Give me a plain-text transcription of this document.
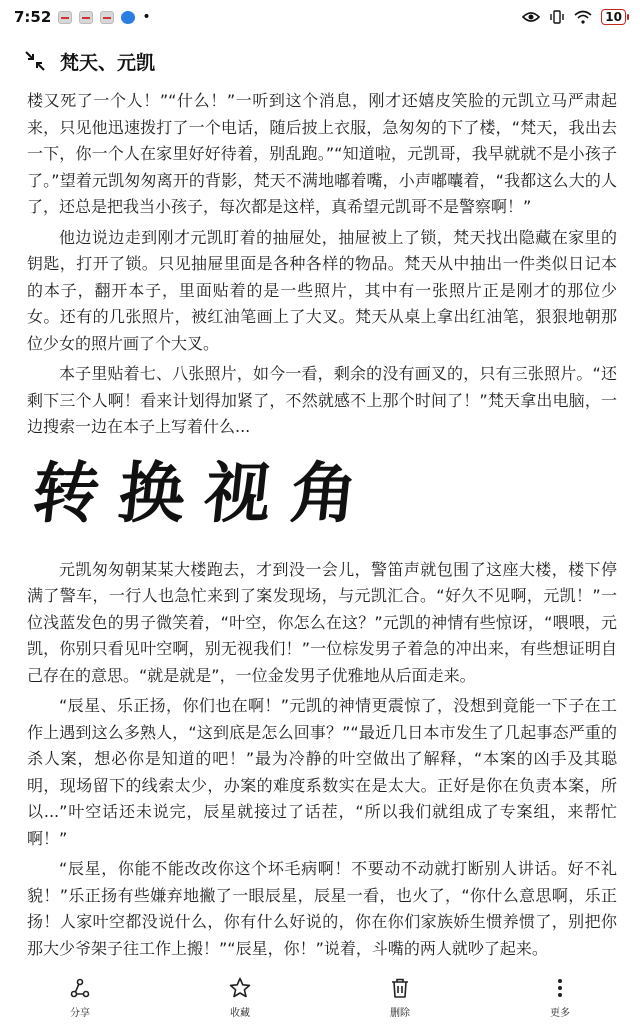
7:52	•	10
梵天、元凯

楼又死了一个人！”“什么！”一听到这个消息，刚才还嬉皮笑脸的元凯立马严肃起来，只见他迅速拨打了一个电话，随后披上衣服，急匆匆的下了楼，“梵天，我出去一下，你一个人在家里好好待着，别乱跑。”“知道啦，元凯哥，我早就就不是小孩子了。”望着元凯匆匆离开的背影，梵天不满地嘟着嘴，小声嘟囔着，“我都这么大的人了，还总是把我当小孩子，每次都是这样，真希望元凯哥不是警察啊！”

他边说边走到刚才元凯盯着的抽屉处，抽屉被上了锁，梵天找出隐藏在家里的钥匙，打开了锁。只见抽屉里面是各种各样的物品。梵天从中抽出一件类似日记本的本子，翻开本子，里面贴着的是一些照片，其中有一张照片正是刚才的那位少女。还有的几张照片，被红油笔画上了大叉。梵天从桌上拿出红油笔，狠狠地朝那位少女的照片画了个大叉。

本子里贴着七、八张照片，如今一看，剩余的没有画叉的，只有三张照片。“还剩下三个人啊！看来计划得加紧了，不然就感不上那个时间了！”梵天拿出电脑，一边搜索一边在本子上写着什么...

转换视角

元凯匆匆朝某某大楼跑去，才到没一会儿，警笛声就包围了这座大楼，楼下停满了警车，一行人也急忙来到了案发现场，与元凯汇合。“好久不见啊，元凯！”一位浅蓝发色的男子微笑着，“叶空，你怎么在这？”元凯的神情有些惊讶，“喂喂，元凯，你别只看见叶空啊，别无视我们！”一位棕发男子着急的冲出来，有些想证明自己存在的意思。“就是就是”，一位金发男子优雅地从后面走来。

“辰星、乐正扬，你们也在啊！”元凯的神情更震惊了，没想到竟能一下子在工作上遇到这么多熟人，“这到底是怎么回事？”“最近几日本市发生了几起事态严重的杀人案，想必你是知道的吧！”最为冷静的叶空做出了解释，“本案的凶手及其聪明，现场留下的线索太少，办案的难度系数实在是太大。正好是你在负责本案，所以...”叶空话还未说完，辰星就接过了话茬，“所以我们就组成了专案组，来帮忙啊！”

“辰星，你能不能改改你这个坏毛病啊！不要动不动就打断别人讲话。好不礼貌！”乐正扬有些嫌弃地撇了一眼辰星，辰星一看，也火了，“你什么意思啊，乐正扬！人家叶空都没说什么，你有什么好说的，你在你们家族娇生惯养惯了，别把你那大少爷架子往工作上搬！”“辰星，你！”说着，斗嘴的两人就吵了起来。

分享	收藏	删除	更多
